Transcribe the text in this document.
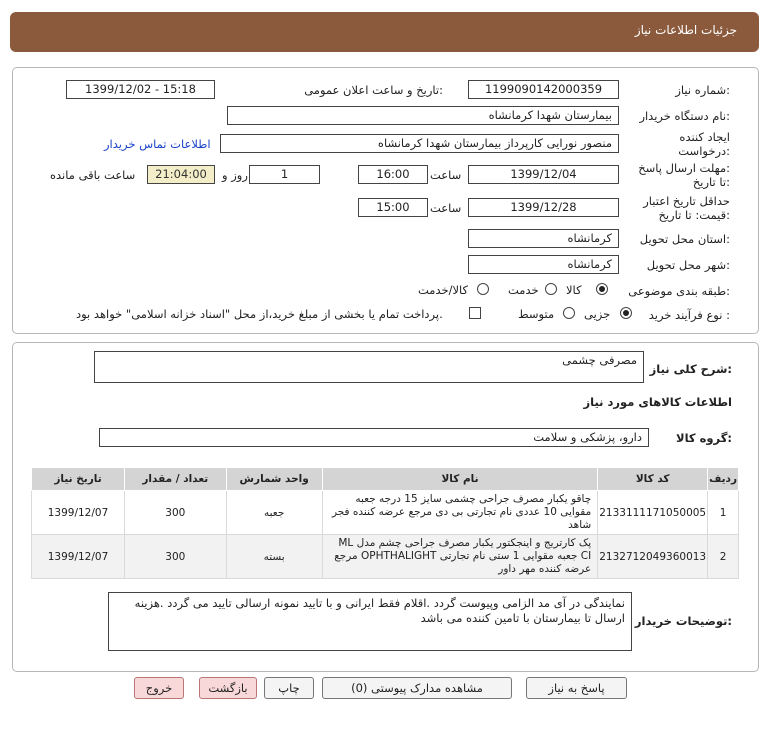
جزئیات اطلاعات نیاز
شماره نیاز:
1199090142000359
تاریخ و ساعت اعلان عمومی:
1399/12/02 - 15:18
نام دستگاه خریدار:
بیمارستان شهدا کرمانشاه
ایجاد کننده
درخواست:
منصور نورایی کارپرداز بیمارستان شهدا کرمانشاه
اطلاعات تماس خریدار
مهلت ارسال پاسخ:
تا تاریخ:
1399/12/04
ساعت
16:00
1
روز و
21:04:00
ساعت باقی مانده
حداقل تاریخ اعتبار
قیمت: تا تاریخ:
1399/12/28
ساعت
15:00
استان محل تحویل:
کرمانشاه
شهر محل تحویل:
کرمانشاه
طبقه بندی موضوعی:
کالا
خدمت
کالا/خدمت
نوع فرآیند خرید :
جزیی
متوسط
پرداخت تمام یا بخشی از مبلغ خرید،از محل "اسناد خزانه اسلامی" خواهد بود.
شرح کلی نیاز:
مصرفی چشمی
اطلاعات کالاهای مورد نیاز
گروه کالا:
دارو، پزشکی و سلامت
ردیف	کد کالا	نام کالا	واحد شمارش	تعداد / مقدار	تاریخ نیاز
1	2133111171050005	چاقو یکبار مصرف جراحی چشمی سایز 15 درجه جعبه مقوایی 10 عددی نام تجارتی بی دی مرجع عرضه کننده فجر شاهد	جعبه	300	1399/12/07
2	2132712049360013	پک کارتریج و اینجکتور یکبار مصرف جراحی چشم مدل ML CI جعبه مقوایی 1 ستی نام تجارتی OPHTHALIGHT مرجع عرضه کننده مهر داور	بسته	300	1399/12/07
توضیحات خریدار:
نمایندگی در آی مد الزامی وپیوست گردد .اقلام فقط ایرانی و با تایید نمونه ارسالی تایید می گردد .هزینه ارسال تا بیمارستان با تامین کننده می باشد
پاسخ به نیاز
مشاهده مدارک پیوستی (0)
چاپ
بازگشت
خروج
